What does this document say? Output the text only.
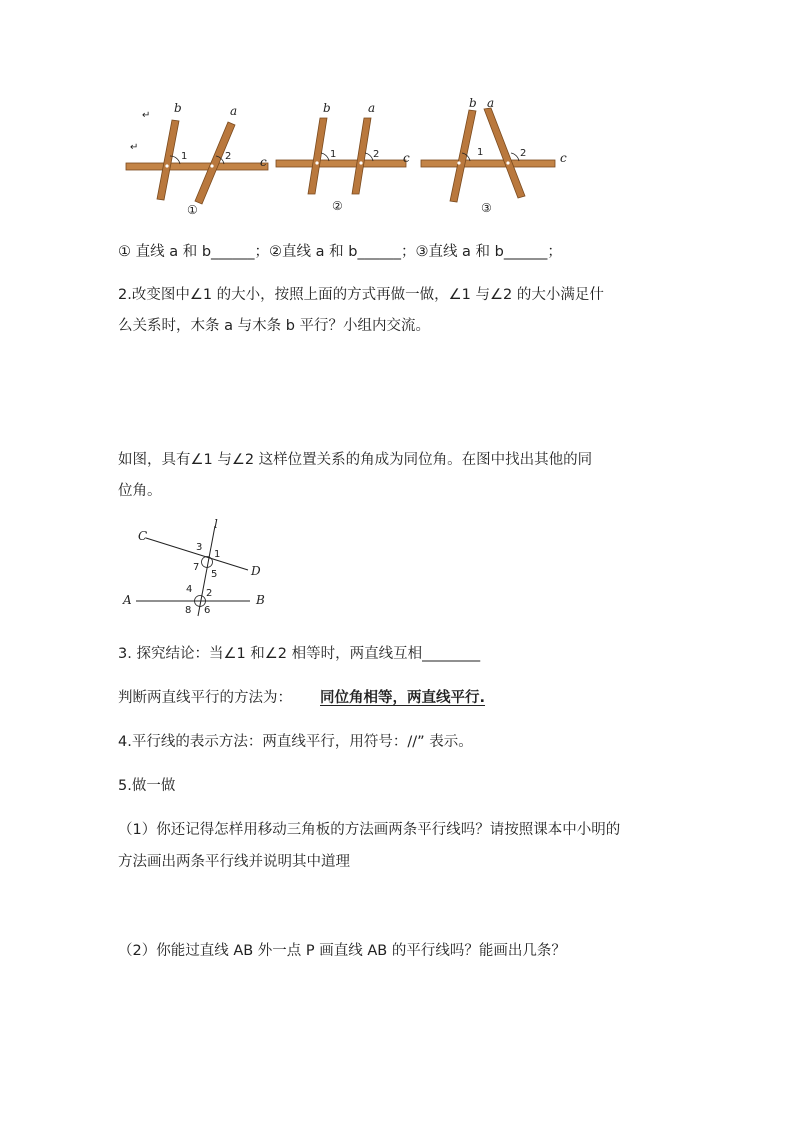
↵
↵
b	a
1	2 c
①
b	a
1	2 c
②
b a
1	2	c
③
① 直线 a 和 b______；②直线 a 和 b______；③直线 a 和 b______；
2.改变图中∠1 的大小，按照上面的方式再做一做，∠1 与∠2 的大小满足什
么关系时，木条 a 与木条 b 平行？小组内交流。
如图，具有∠1 与∠2 这样位置关系的角成为同位角。在图中找出其他的同
位角。
C
D
A	B
l
3
1
7
5
4 2
8 6
3. 探究结论：当∠1 和∠2 相等时，两直线互相________
判断两直线平行的方法为： 同位角相等，两直线平行.
4.平行线的表示方法：两直线平行，用符号：//” 表示。
5.做一做
（1）你还记得怎样用移动三角板的方法画两条平行线吗？请按照课本中小明的
方法画出两条平行线并说明其中道理
（2）你能过直线 AB 外一点 P 画直线 AB 的平行线吗？能画出几条？
